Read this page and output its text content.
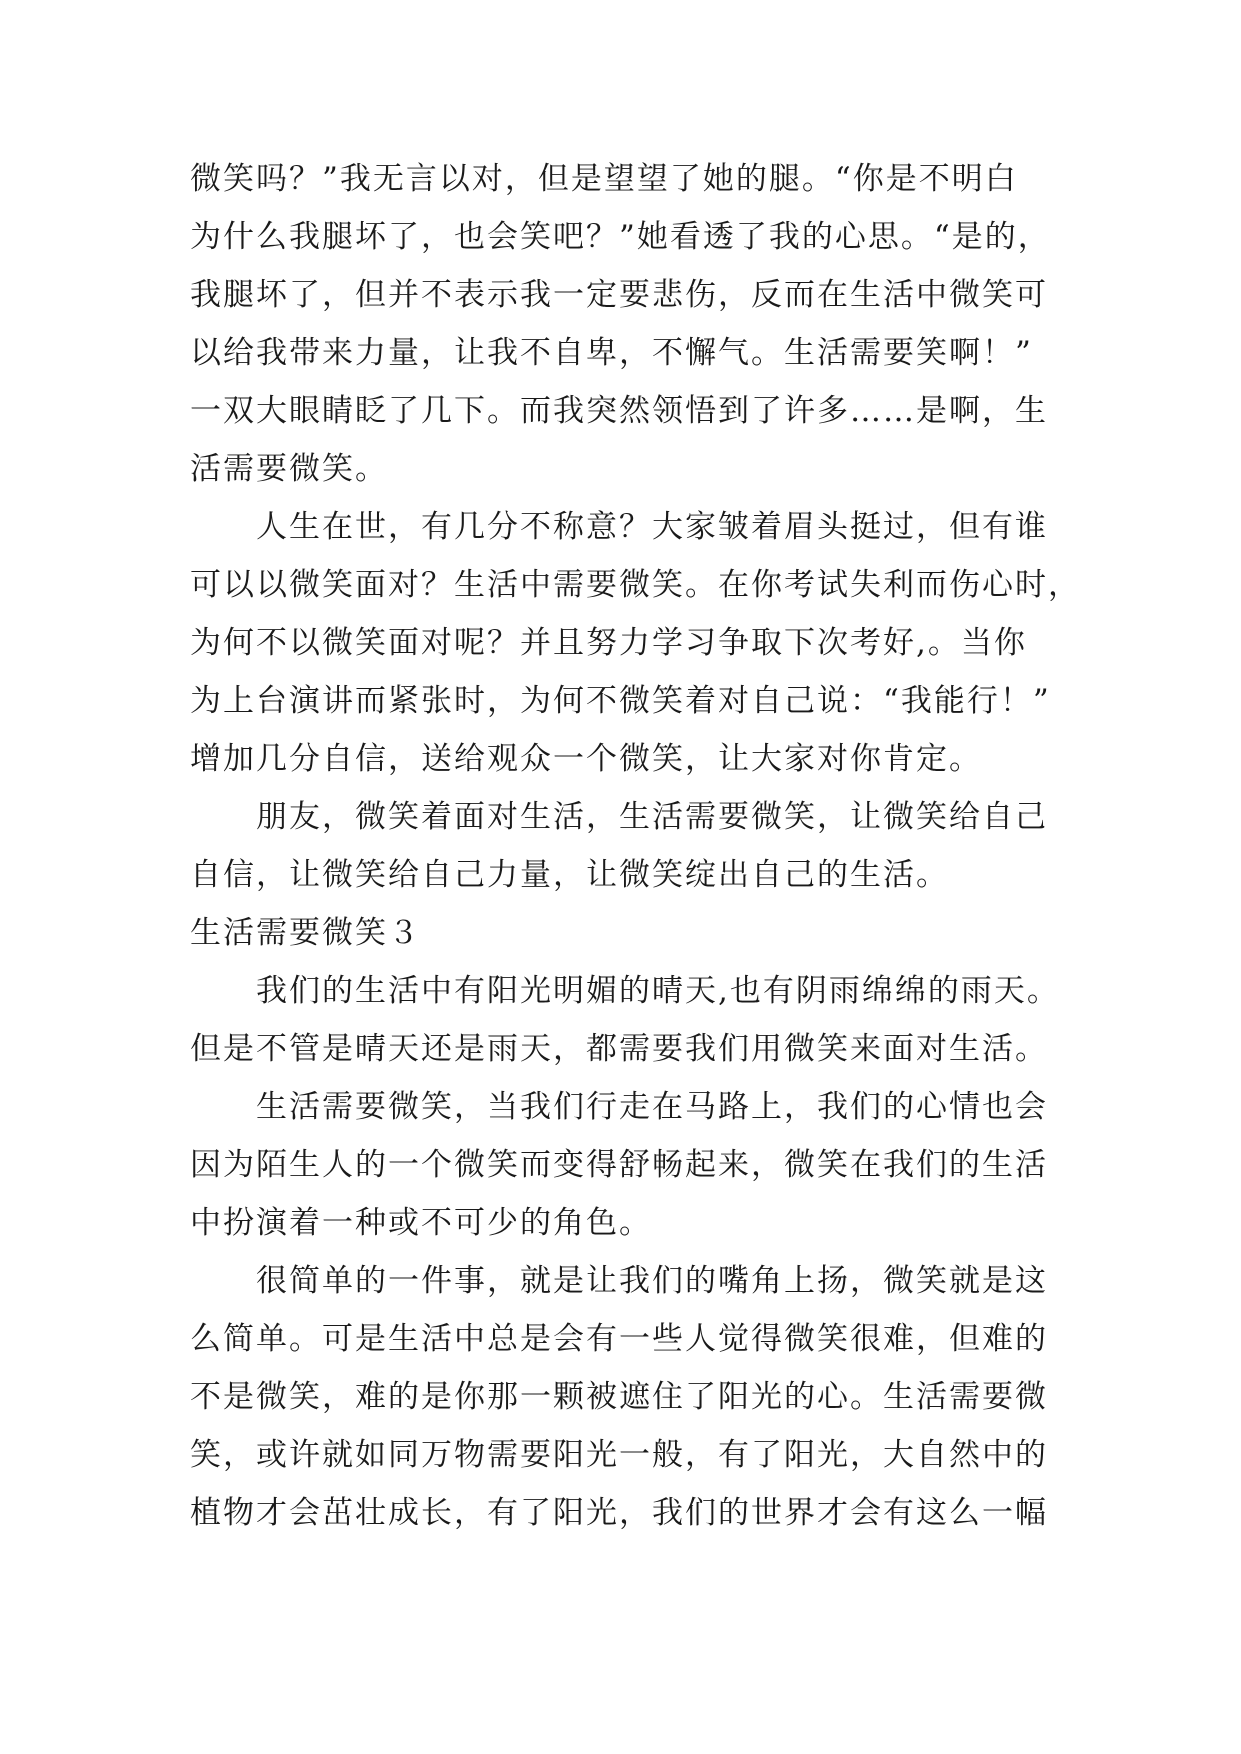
微笑吗？”我无言以对，但是望望了她的腿。“你是不明白
为什么我腿坏了，也会笑吧？”她看透了我的心思。“是的，
我腿坏了，但并不表示我一定要悲伤，反而在生活中微笑可
以给我带来力量，让我不自卑，不懈气。生活需要笑啊！”
一双大眼睛眨了几下。而我突然领悟到了许多……是啊，生
活需要微笑。
人生在世，有几分不称意？大家皱着眉头挺过，但有谁
可以以微笑面对？生活中需要微笑。在你考试失利而伤心时，
为何不以微笑面对呢？并且努力学习争取下次考好,。当你
为上台演讲而紧张时，为何不微笑着对自己说：“我能行！”
增加几分自信，送给观众一个微笑，让大家对你肯定。
朋友，微笑着面对生活，生活需要微笑，让微笑给自己
自信，让微笑给自己力量，让微笑绽出自己的生活。
生活需要微笑３
我们的生活中有阳光明媚的晴天,也有阴雨绵绵的雨天。
但是不管是晴天还是雨天，都需要我们用微笑来面对生活。
生活需要微笑，当我们行走在马路上，我们的心情也会
因为陌生人的一个微笑而变得舒畅起来，微笑在我们的生活
中扮演着一种或不可少的角色。
很简单的一件事，就是让我们的嘴角上扬，微笑就是这
么简单。可是生活中总是会有一些人觉得微笑很难，但难的
不是微笑，难的是你那一颗被遮住了阳光的心。生活需要微
笑，或许就如同万物需要阳光一般，有了阳光，大自然中的
植物才会茁壮成长，有了阳光，我们的世界才会有这么一幅
